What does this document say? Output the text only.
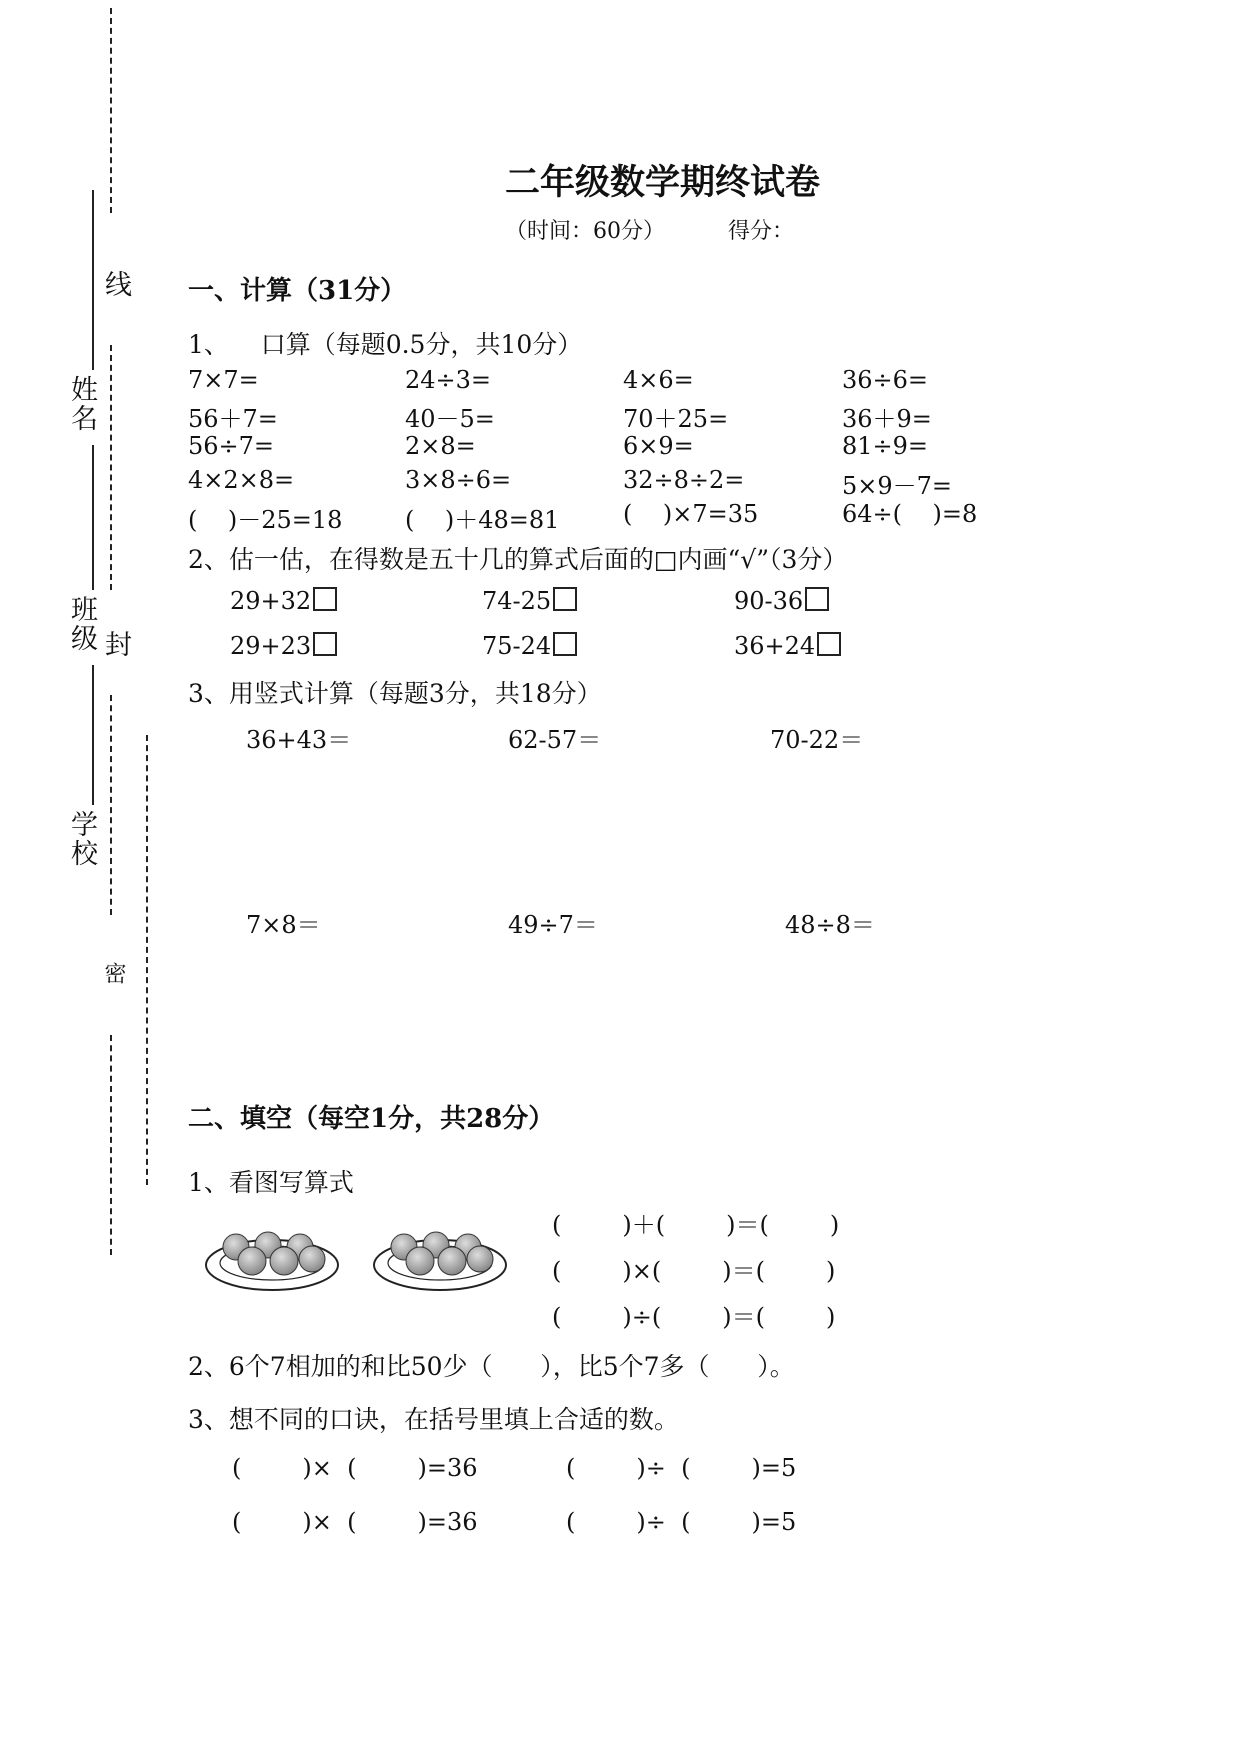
线
封
密
姓名
班级
学校
二年级数学期终试卷
（时间：60分）	得分：
一、计算（31分）
1、    口算（每题0.5分，共10分）
7×7=	24÷3=	4×6=	36÷6=
56＋7=	40－5=	70＋25=	36＋9=
56÷7=	2×8=	6×9=	81÷9=
4×2×8=	3×8÷6=	32÷8÷2=	5×9－7=
(    )－25=18	(    )＋48=81	(    )×7=35	64÷(    )=8
2、估一估，在得数是五十几的算式后面的□内画“√”（3分）
29+32	74-25	90-36
29+23	75-24	36+24
3、用竖式计算（每题3分，共18分）
36+43＝	62-57＝	70-22＝
7×8＝	49÷7＝	48÷8＝
二、填空（每空1分，共28分）
1、看图写算式
(        )＋(        )＝(        )
(        )×(        )＝(        )
(        )÷(        )＝(        )
2、6个7相加的和比50少（      ），比5个7多（      ）。
3、想不同的口诀，在括号里填上合适的数。
(        )×  (        )=36	(        )÷  (        )=5
(        )×  (        )=36	(        )÷  (        )=5
